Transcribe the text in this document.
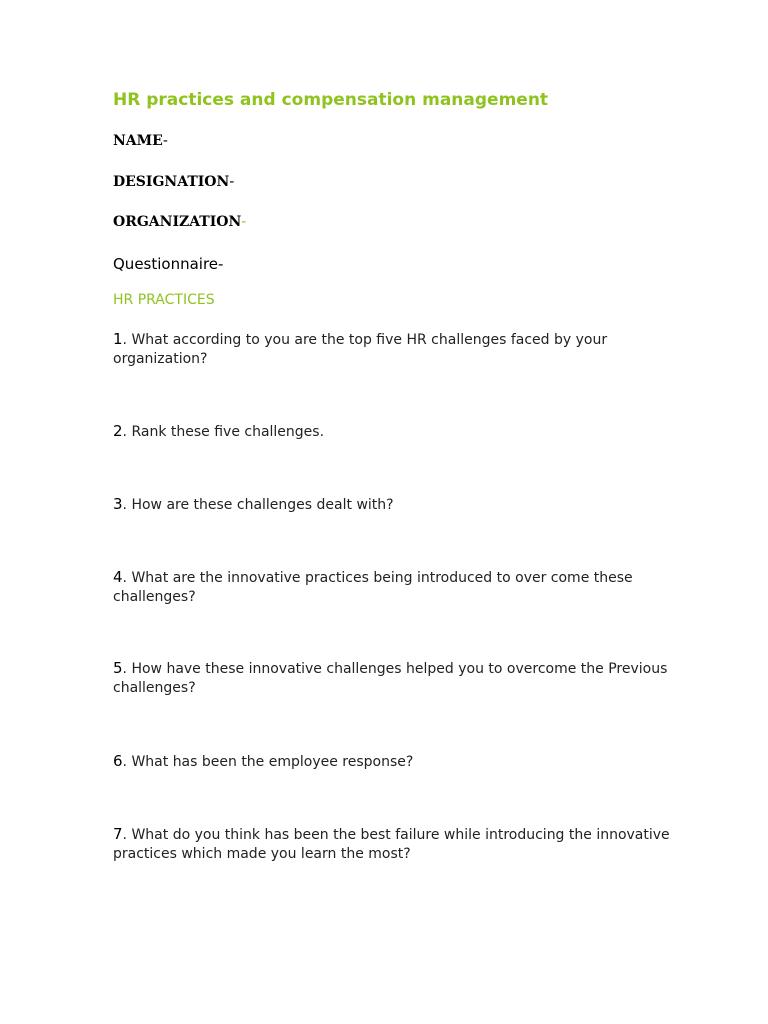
HR practices and compensation management
NAME-
DESIGNATION-
ORGANIZATION-
Questionnaire-
HR PRACTICES
1. What according to you are the top five HR challenges faced by your organization?
2. Rank these five challenges.
3. How are these challenges dealt with?
4. What are the innovative practices being introduced to over come these challenges?
5. How have these innovative challenges helped you to overcome the Previous challenges?
6. What has been the employee response?
7. What do you think has been the best failure while introducing the innovative practices which made you learn the most?
